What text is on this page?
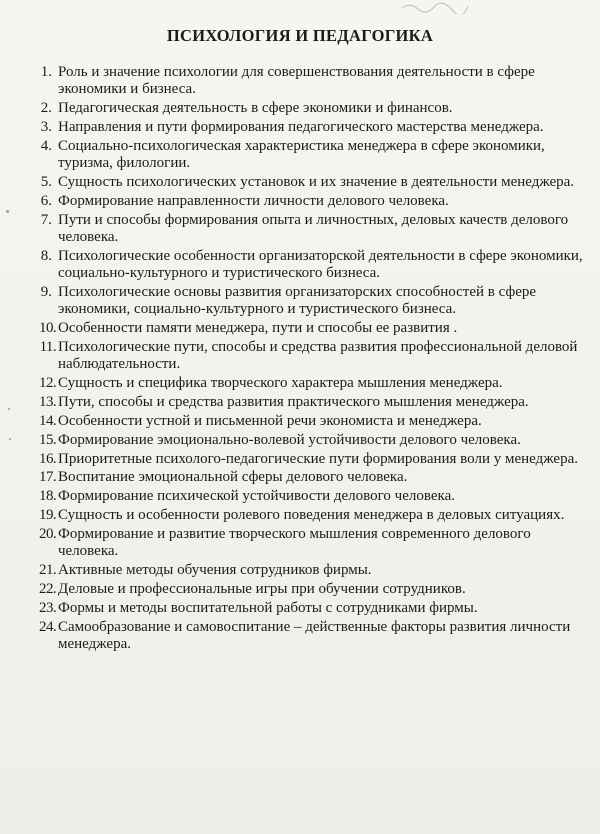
ПСИХОЛОГИЯ И ПЕДАГОГИКА
1. Роль и значение психологии для совершенствования деятельности в сфере экономики и бизнеса.
2. Педагогическая деятельность в сфере экономики и финансов.
3. Направления и пути формирования педагогического мастерства менеджера.
4. Социально-психологическая характеристика менеджера в сфере экономики, туризма, филологии.
5. Сущность психологических установок и их значение в деятельности менеджера.
6. Формирование направленности личности делового человека.
7. Пути и способы формирования опыта и личностных, деловых качеств делового человека.
8. Психологические особенности организаторской деятельности в сфере экономики, социально-культурного и туристического бизнеса.
9. Психологические основы развития организаторских способностей в сфере экономики, социально-культурного и туристического бизнеса.
10. Особенности памяти менеджера, пути и способы ее развития .
11. Психологические пути, способы и средства развития профессиональной деловой наблюдательности.
12. Сущность и специфика творческого характера мышления менеджера.
13. Пути, способы и средства развития практического мышления менеджера.
14. Особенности устной и письменной речи экономиста и менеджера.
15. Формирование эмоционально-волевой устойчивости делового человека.
16. Приоритетные психолого-педагогические пути формирования воли у менеджера.
17. Воспитание эмоциональной сферы делового человека.
18. Формирование психической устойчивости делового человека.
19. Сущность и особенности ролевого поведения менеджера в деловых ситуациях.
20. Формирование и развитие творческого мышления современного делового человека.
21. Активные методы обучения сотрудников фирмы.
22. Деловые и профессиональные игры при обучении сотрудников.
23. Формы и методы воспитательной работы с сотрудниками фирмы.
24. Самообразование и самовоспитание – действенные факторы развития личности менеджера.
